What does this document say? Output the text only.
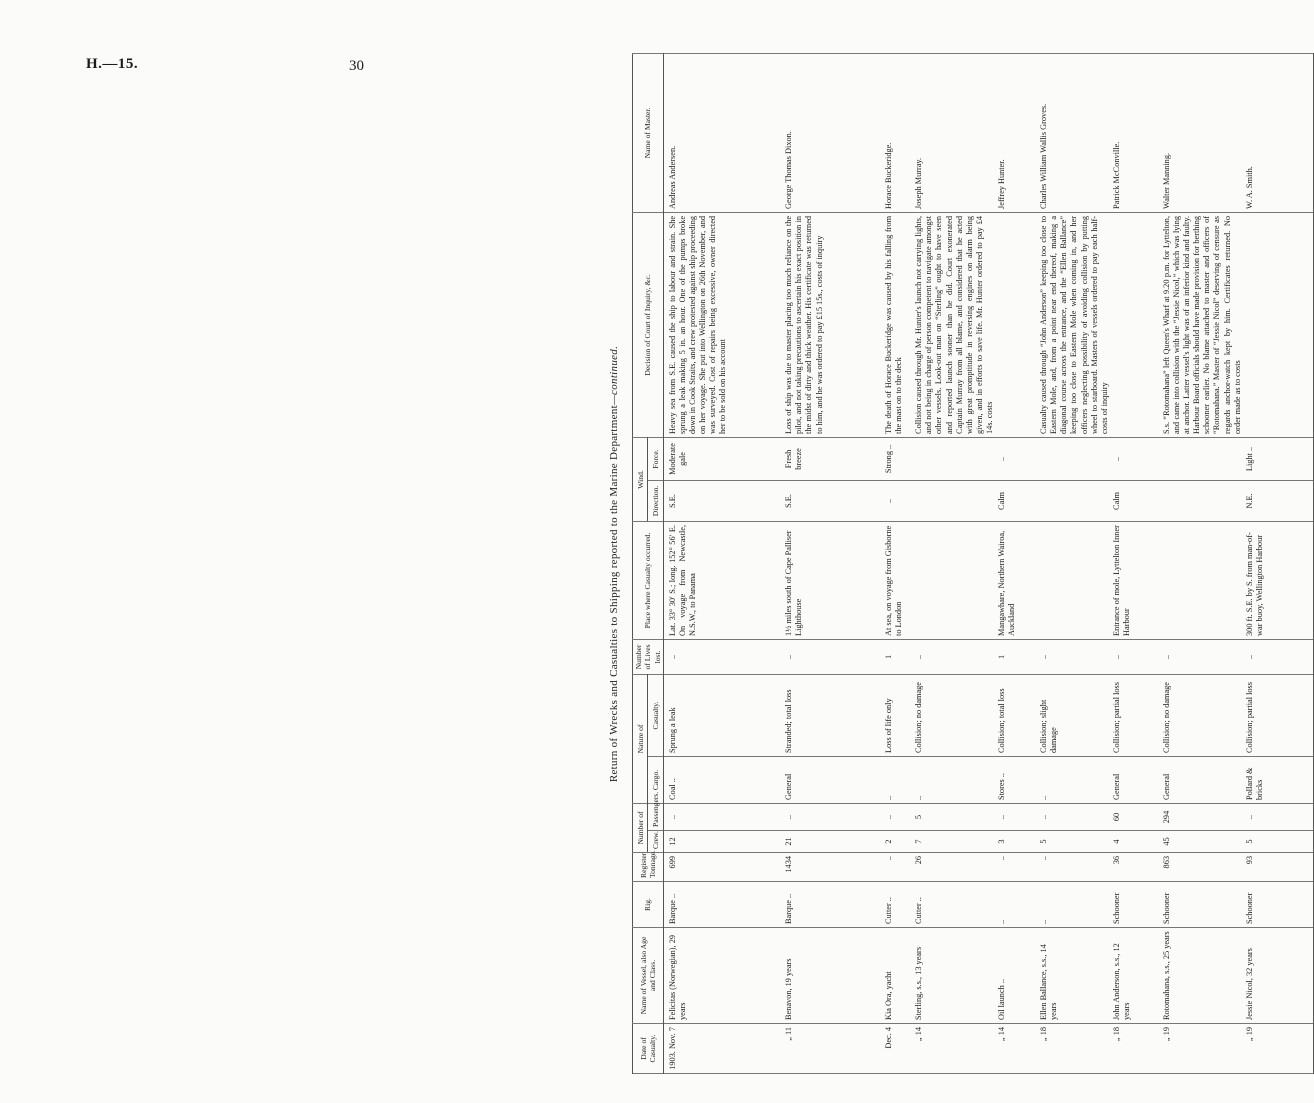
H.—15.	30
Return of Wrecks and Casualties to Shipping reported to the Marine Department—continued.
Date of Casualty.	Name of Vessel, also Age and Class.	Rig.	Register Tonnage.	Number of		Nature of		Number of Lives lost.	Place where Casualty occurred.	Wind.		Decision of Court of Inquiry, &c.	Name of Master.
				Crew.	Passengers.	Cargo.	Casualty.			Direction.	Force.		
1903. Nov. 7	Felicitas (Norwegian), 29 years	Barque ..	699	12	..	Coal ..	Sprung a leak	..	Lat. 33° 30′ S.; long. 152° 56′ E. On voyage from Newcastle, N.S.W., to Panama	S.E.	Moderate gale	Heavy sea from S.E. caused the ship to labour and strain. She sprung a leak making 5 in. an hour. One of the pumps broke down in Cook Straits, and crew protested against ship proceeding on her voyage. She put into Wellington on 26th November, and was surveyed. Cost of repairs being excessive, owner directed her to be sold on his account	Andreas Andersen.
„ 11	Benavon, 19 years	Barque ..	1434	21	..	General	Stranded; total loss	..	1½ miles south of Cape Palliser Lighthouse	S.E.	Fresh breeze	Loss of ship was due to master placing too much reliance on the pilot, and not taking precautions to ascertain his exact position in the midst of dirty and thick weather. His certificate was returned to him, and he was ordered to pay £15 15s., costs of inquiry	George Thomas Dixon.
Dec. 4	Kia Ora, yacht	Cutter ..	..	2	..	..	Loss of life only	1	At sea, on voyage from Gisborne to London	..	Strong ..	The death of Horace Buckeridge was caused by his falling from the mast on to the deck	Horace Buckeridge.
„ 14	Sterling, s.s., 13 years	Cutter ..	26	7	5	..	Collision; no damage	..				Collision caused through Mr. Hunter's launch not carrying lights, and not being in charge of person competent to navigate amongst other vessels. Look-out man on “Sterling” ought to have seen and reported launch sooner than he did. Court exonerated Captain Murray from all blame, and considered that he acted with great promptitude in reversing engines on alarm being given, and in efforts to save life. Mr. Hunter ordered to pay £4 14s. costs	Joseph Murray.
„ 14	Oil launch ..	..	..	3	..	Stores ..	Collision; total loss	1	Mangawhare, Northern Wairoa, Auckland	Calm	..		Jeffrey Hunter.
„ 18	Ellen Ballance, s.s., 14 years	..	..	5	..	..	Collision; slight damage	..				Casualty caused through “John Anderson” keeping too close to Eastern Mole, and, from a point near end thereof, making a diagonal course across the entrance, and the “Ellen Ballance” keeping too close to Eastern Mole when coming in, and her officers neglecting possibility of avoiding collision by putting wheel to starboard. Masters of vessels ordered to pay each half-costs of inquiry	Charles William Wallis Groves.
„ 18	John Anderson, s.s., 12 years	Schooner	36	4	60	General	Collision; partial loss	..	Entrance of mole, Lyttelton Inner Harbour	Calm	..		Patrick McConville.
„ 19	Rotomahana, s.s., 25 years	Schooner	863	45	294	General	Collision; no damage	..				S.s. “Rotomahana” left Queen's Wharf at 9.20 p.m. for Lyttelton, and came into collision with the “Jessie Nicol,” which was lying at anchor. Latter vessel's light was of an inferior kind and faulty. Harbour Board officials should have made provision for berthing schooner earlier. No blame attached to master and officers of “Rotomahana.” Master of “Jessie Nicol” deserving of censure as regards anchor-watch kept by him. Certificates returned. No order made as to costs	Walter Manning.
„ 19	Jessie Nicol, 32 years	Schooner	93	5	..	Pollard & bricks	Collision; partial loss	..	300 ft. S.E. by S. from man-of-war buoy, Wellington Harbour	N.E.	Light ..		W. A. Smith.
